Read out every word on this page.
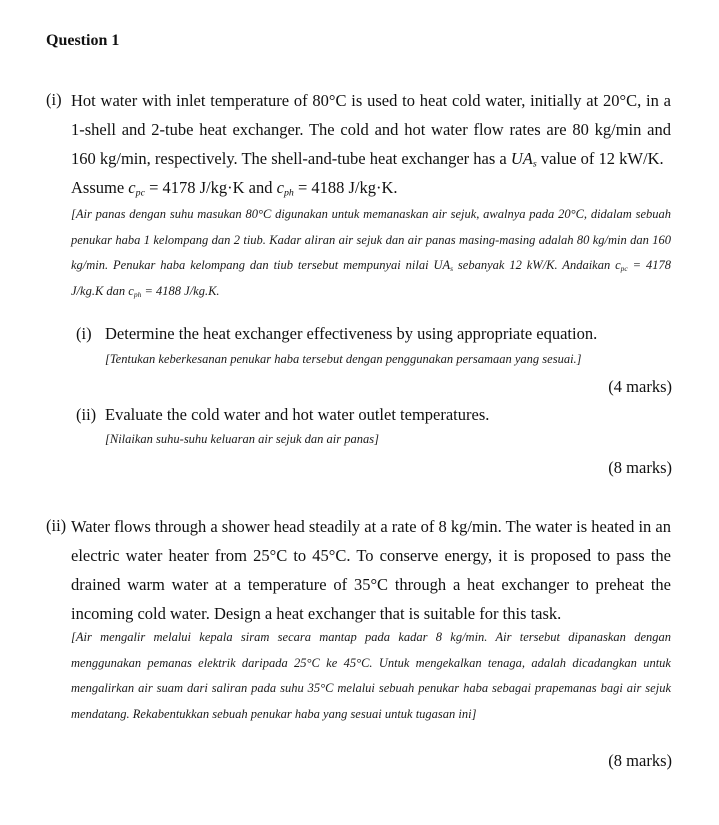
Question 1
(i) Hot water with inlet temperature of 80°C is used to heat cold water, initially at 20°C, in a 1-shell and 2-tube heat exchanger. The cold and hot water flow rates are 80 kg/min and 160 kg/min, respectively. The shell-and-tube heat exchanger has a $UA_s$ value of 12 kW/K.
Assume $c_{pc} = 4178$ J/kg·K and $c_{ph} = 4188$ J/kg·K.
[Air panas dengan suhu masukan 80°C digunakan untuk memanaskan air sejuk, awalnya pada 20°C, didalam sebuah penukar haba 1 kelompang dan 2 tiub. Kadar aliran air sejuk dan air panas masing-masing adalah 80 kg/min dan 160 kg/min. Penukar haba kelompang dan tiub tersebut mempunyai nilai $UA_s$ sebanyak 12 kW/K. Andaikan $c_{pc} = 4178$ J/kg.K dan $c_{ph} = 4188$ J/kg.K.
(i) Determine the heat exchanger effectiveness by using appropriate equation.
[Tentukan keberkesanan penukar haba tersebut dengan penggunakan persamaan yang sesuai.]
(4 marks)
(ii) Evaluate the cold water and hot water outlet temperatures.
[Nilaikan suhu-suhu keluaran air sejuk dan air panas]
(8 marks)
(ii) Water flows through a shower head steadily at a rate of 8 kg/min. The water is heated in an electric water heater from 25°C to 45°C. To conserve energy, it is proposed to pass the drained warm water at a temperature of 35°C through a heat exchanger to preheat the incoming cold water. Design a heat exchanger that is suitable for this task.
[Air mengalir melalui kepala siram secara mantap pada kadar 8 kg/min. Air tersebut dipanaskan dengan menggunakan pemanas elektrik daripada 25°C ke 45°C. Untuk mengekalkan tenaga, adalah dicadangkan untuk mengalirkan air suam dari saliran pada suhu 35°C melalui sebuah penukar haba sebagai prapemanas bagi air sejuk mendatang. Rekabentukkan sebuah penukar haba yang sesuai untuk tugasan ini]
(8 marks)
